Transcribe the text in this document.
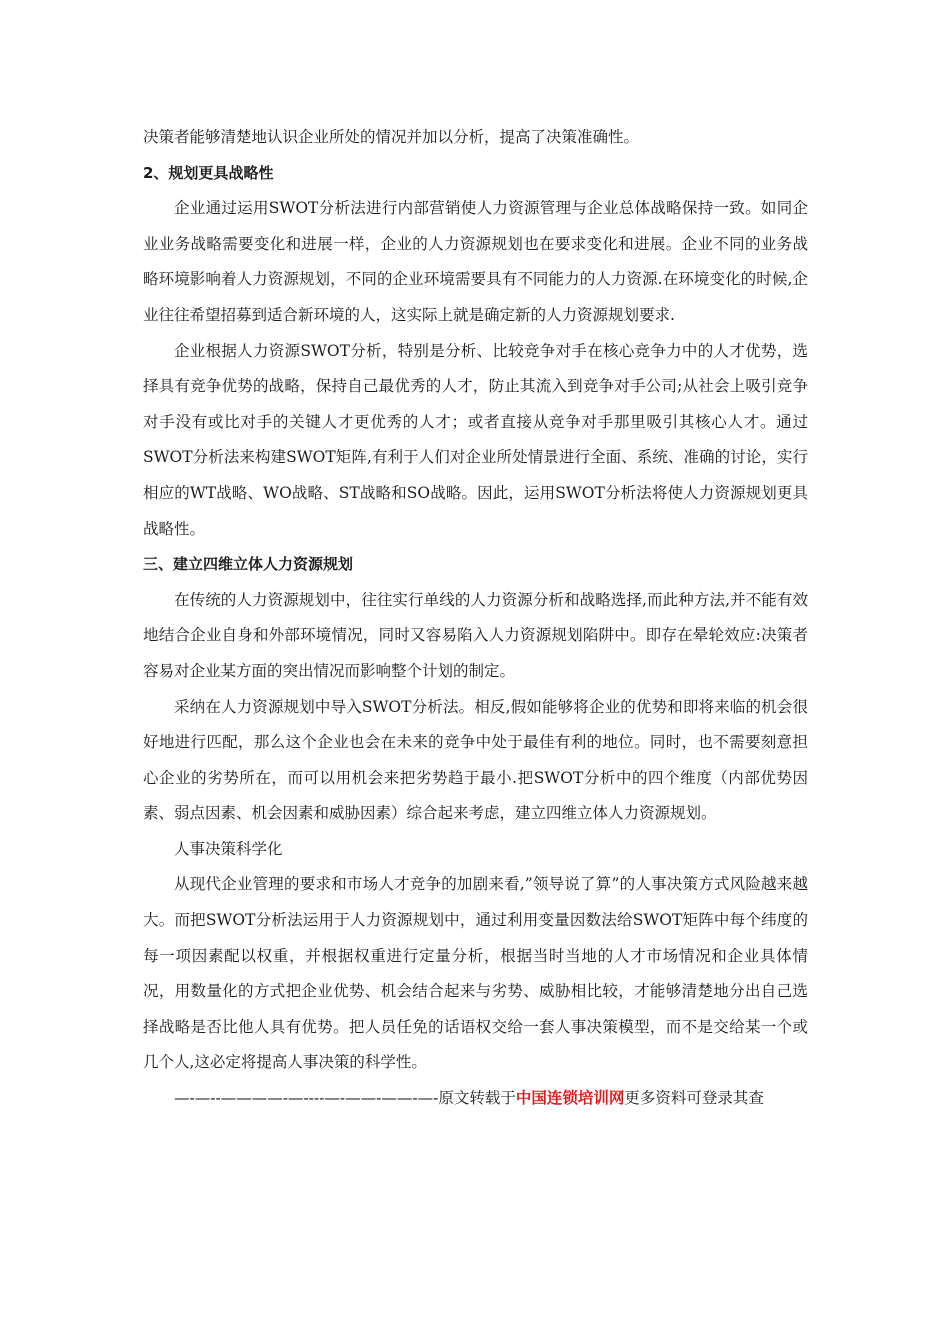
决策者能够清楚地认识企业所处的情况并加以分析，提高了决策准确性。

2、规划更具战略性

企业通过运用SWOT分析法进行内部营销使人力资源管理与企业总体战略保持一致。如同企业业务战略需要变化和进展一样，企业的人力资源规划也在要求变化和进展。企业不同的业务战略环境影响着人力资源规划，不同的企业环境需要具有不同能力的人力资源.在环境变化的时候,企业往往希望招募到适合新环境的人，这实际上就是确定新的人力资源规划要求.

企业根据人力资源SWOT分析，特别是分析、比较竞争对手在核心竞争力中的人才优势，选择具有竞争优势的战略，保持自己最优秀的人才，防止其流入到竞争对手公司;从社会上吸引竞争对手没有或比对手的关键人才更优秀的人才；或者直接从竞争对手那里吸引其核心人才。通过SWOT分析法来构建SWOT矩阵,有利于人们对企业所处情景进行全面、系统、准确的讨论，实行相应的WT战略、WO战略、ST战略和SO战略。因此，运用SWOT分析法将使人力资源规划更具战略性。

三、建立四维立体人力资源规划

在传统的人力资源规划中，往往实行单线的人力资源分析和战略选择,而此种方法,并不能有效地结合企业自身和外部环境情况，同时又容易陷入人力资源规划陷阱中。即存在晕轮效应:决策者容易对企业某方面的突出情况而影响整个计划的制定。

采纳在人力资源规划中导入SWOT分析法。相反,假如能够将企业的优势和即将来临的机会很好地进行匹配，那么这个企业也会在未来的竞争中处于最佳有利的地位。同时，也不需要刻意担心企业的劣势所在，而可以用机会来把劣势趋于最小.把SWOT分析中的四个维度（内部优势因素、弱点因素、机会因素和威胁因素）综合起来考虑，建立四维立体人力资源规划。

人事决策科学化

从现代企业管理的要求和市场人才竞争的加剧来看,”领导说了算”的人事决策方式风险越来越大。而把SWOT分析法运用于人力资源规划中，通过利用变量因数法给SWOT矩阵中每个纬度的每一项因素配以权重，并根据权重进行定量分析，根据当时当地的人才市场情况和企业具体情况，用数量化的方式把企业优势、机会结合起来与劣势、威胁相比较，才能够清楚地分出自己选择战略是否比他人具有优势。把人员任免的话语权交给一套人事决策模型，而不是交给某一个或几个人,这必定将提高人事决策的科学性。

—-—--————-—----—-——-——-—-原文转载于中国连锁培训网更多资料可登录其查
